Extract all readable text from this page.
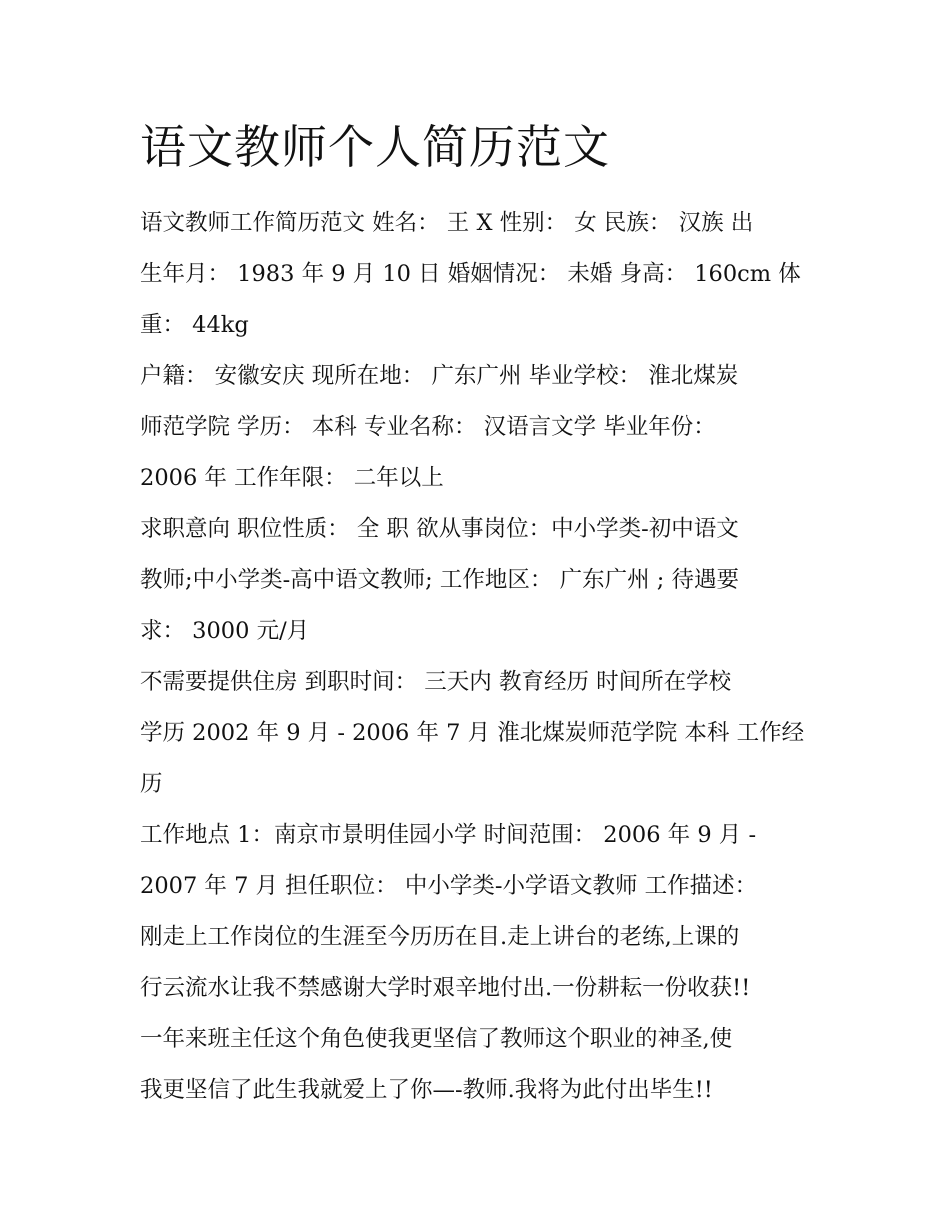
语文教师个人简历范文

语文教师工作简历范文 姓名： 王 X 性别： 女 民族： 汉族 出

生年月： 1983 年 9 月 10 日 婚姻情况： 未婚 身高： 160cm 体

重： 44kg

户籍： 安徽安庆 现所在地： 广东广州 毕业学校： 淮北煤炭

师范学院 学历： 本科 专业名称： 汉语言文学 毕业年份：

2006 年 工作年限： 二年以上

求职意向 职位性质： 全 职 欲从事岗位：中小学类-初中语文

教师;中小学类-高中语文教师; 工作地区： 广东广州 ; 待遇要

求： 3000 元/月

不需要提供住房 到职时间： 三天内 教育经历 时间所在学校

学历 2002 年 9 月 - 2006 年 7 月 淮北煤炭师范学院 本科 工作经

历

工作地点 1：南京市景明佳园小学 时间范围： 2006 年 9 月 -

2007 年 7 月 担任职位： 中小学类-小学语文教师 工作描述：

刚走上工作岗位的生涯至今历历在目.走上讲台的老练,上课的

行云流水让我不禁感谢大学时艰辛地付出.一份耕耘一份收获!!

一年来班主任这个角色使我更坚信了教师这个职业的神圣,使

我更坚信了此生我就爱上了你—-教师.我将为此付出毕生!!
